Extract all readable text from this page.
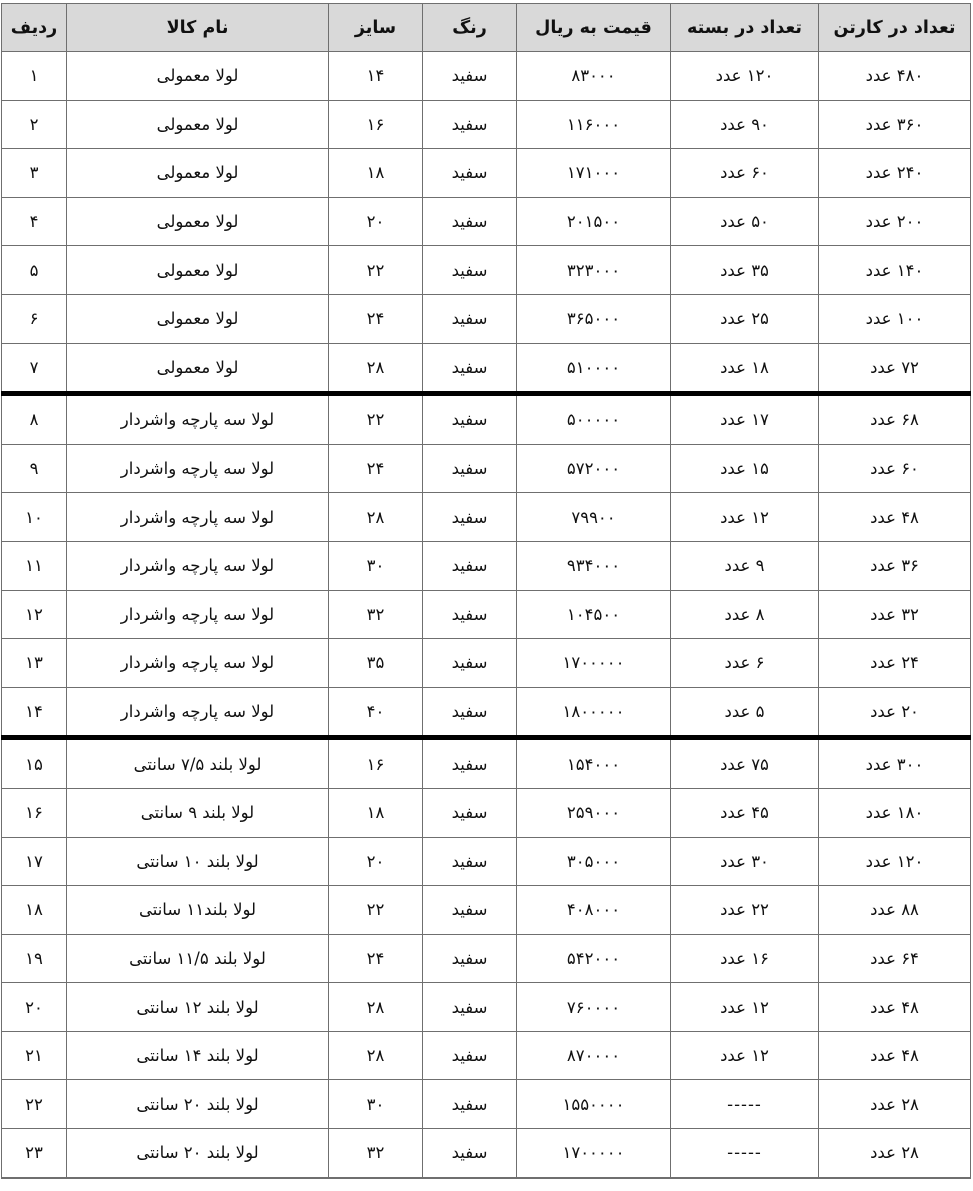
تعداد در کارتن	تعداد در بسته	قیمت به ریال	رنگ	سایز	نام کالا	ردیف
۴۸۰ عدد	۱۲۰ عدد	۸۳۰۰۰	سفید	۱۴	لولا معمولی	۱
۳۶۰ عدد	۹۰ عدد	۱۱۶۰۰۰	سفید	۱۶	لولا معمولی	۲
۲۴۰ عدد	۶۰ عدد	۱۷۱۰۰۰	سفید	۱۸	لولا معمولی	۳
۲۰۰ عدد	۵۰ عدد	۲۰۱۵۰۰	سفید	۲۰	لولا معمولی	۴
۱۴۰ عدد	۳۵ عدد	۳۲۳۰۰۰	سفید	۲۲	لولا معمولی	۵
۱۰۰ عدد	۲۵ عدد	۳۶۵۰۰۰	سفید	۲۴	لولا معمولی	۶
۷۲ عدد	۱۸ عدد	۵۱۰۰۰۰	سفید	۲۸	لولا معمولی	۷
۶۸ عدد	۱۷ عدد	۵۰۰۰۰۰	سفید	۲۲	لولا سه پارچه واشردار	۸
۶۰ عدد	۱۵ عدد	۵۷۲۰۰۰	سفید	۲۴	لولا سه پارچه واشردار	۹
۴۸ عدد	۱۲ عدد	۷۹۹۰۰	سفید	۲۸	لولا سه پارچه واشردار	۱۰
۳۶ عدد	۹ عدد	۹۳۴۰۰۰	سفید	۳۰	لولا سه پارچه واشردار	۱۱
۳۲ عدد	۸ عدد	۱۰۴۵۰۰	سفید	۳۲	لولا سه پارچه واشردار	۱۲
۲۴ عدد	۶ عدد	۱۷۰۰۰۰۰	سفید	۳۵	لولا سه پارچه واشردار	۱۳
۲۰ عدد	۵ عدد	۱۸۰۰۰۰۰	سفید	۴۰	لولا سه پارچه واشردار	۱۴
۳۰۰ عدد	۷۵ عدد	۱۵۴۰۰۰	سفید	۱۶	لولا بلند ۷/۵ سانتی	۱۵
۱۸۰ عدد	۴۵ عدد	۲۵۹۰۰۰	سفید	۱۸	لولا بلند ۹ سانتی	۱۶
۱۲۰ عدد	۳۰ عدد	۳۰۵۰۰۰	سفید	۲۰	لولا بلند ۱۰ سانتی	۱۷
۸۸ عدد	۲۲ عدد	۴۰۸۰۰۰	سفید	۲۲	لولا بلند۱۱ سانتی	۱۸
۶۴ عدد	۱۶ عدد	۵۴۲۰۰۰	سفید	۲۴	لولا بلند ۱۱/۵ سانتی	۱۹
۴۸ عدد	۱۲ عدد	۷۶۰۰۰۰	سفید	۲۸	لولا بلند ۱۲ سانتی	۲۰
۴۸ عدد	۱۲ عدد	۸۷۰۰۰۰	سفید	۲۸	لولا بلند ۱۴ سانتی	۲۱
۲۸ عدد	-----	۱۵۵۰۰۰۰	سفید	۳۰	لولا بلند ۲۰ سانتی	۲۲
۲۸ عدد	-----	۱۷۰۰۰۰۰	سفید	۳۲	لولا بلند ۲۰ سانتی	۲۳
